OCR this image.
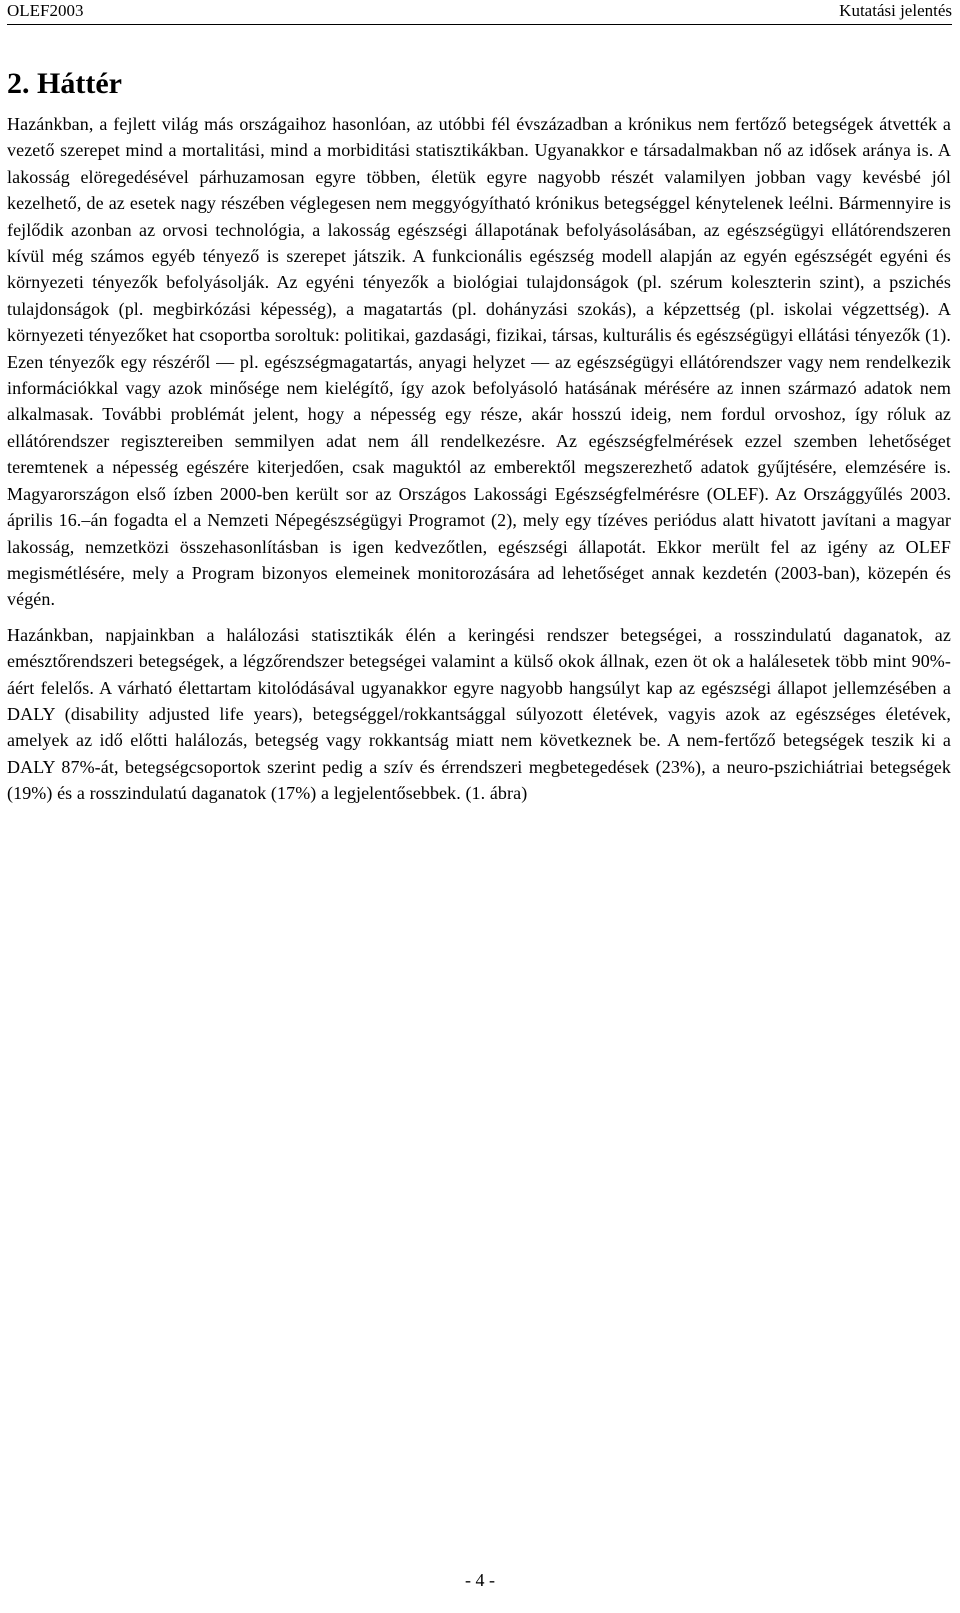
OLEF2003	Kutatási jelentés
2. Háttér

Hazánkban, a fejlett világ más országaihoz hasonlóan, az utóbbi fél évszázadban a krónikus nem fertőző betegségek átvették a vezető szerepet mind a mortalitási, mind a morbiditási statisztikákban. Ugyanakkor e társadalmakban nő az idősek aránya is. A lakosság elöregedésével párhuzamosan egyre többen, életük egyre nagyobb részét valamilyen jobban vagy kevésbé jól kezelhető, de az esetek nagy részében véglegesen nem meggyógyítható krónikus betegséggel kénytelenek leélni. Bármennyire is fejlődik azonban az orvosi technológia, a lakosság egészségi állapotának befolyásolásában, az egészségügyi ellátórendszeren kívül még számos egyéb tényező is szerepet játszik. A funkcionális egészség modell alapján az egyén egészségét egyéni és környezeti tényezők befolyásolják. Az egyéni tényezők a biológiai tulajdonságok (pl. szérum koleszterin szint), a pszichés tulajdonságok (pl. megbirkózási képesség), a magatartás (pl. dohányzási szokás), a képzettség (pl. iskolai végzettség). A környezeti tényezőket hat csoportba soroltuk: politikai, gazdasági, fizikai, társas, kulturális és egészségügyi ellátási tényezők (1). Ezen tényezők egy részéről — pl. egészségmagatartás, anyagi helyzet — az egészségügyi ellátórendszer vagy nem rendelkezik információkkal vagy azok minősége nem kielégítő, így azok befolyásoló hatásának mérésére az innen származó adatok nem alkalmasak. További problémát jelent, hogy a népesség egy része, akár hosszú ideig, nem fordul orvoshoz, így róluk az ellátórendszer regisztereiben semmilyen adat nem áll rendelkezésre. Az egészségfelmérések ezzel szemben lehetőséget teremtenek a népesség egészére kiterjedően, csak maguktól az emberektől megszerezhető adatok gyűjtésére, elemzésére is. Magyarországon első ízben 2000-ben került sor az Országos Lakossági Egészségfelmérésre (OLEF). Az Országgyűlés 2003. április 16.–án fogadta el a Nemzeti Népegészségügyi Programot (2), mely egy tízéves periódus alatt hivatott javítani a magyar lakosság, nemzetközi összehasonlításban is igen kedvezőtlen, egészségi állapotát. Ekkor merült fel az igény az OLEF megismétlésére, mely a Program bizonyos elemeinek monitorozására ad lehetőséget annak kezdetén (2003-ban), közepén és végén.

Hazánkban, napjainkban a halálozási statisztikák élén a keringési rendszer betegségei, a rosszindulatú daganatok, az emésztőrendszeri betegségek, a légzőrendszer betegségei valamint a külső okok állnak, ezen öt ok a halálesetek több mint 90%-áért felelős. A várható élettartam kitolódásával ugyanakkor egyre nagyobb hangsúlyt kap az egészségi állapot jellemzésében a DALY (disability adjusted life years), betegséggel/rokkantsággal súlyozott életévek, vagyis azok az egészséges életévek, amelyek az idő előtti halálozás, betegség vagy rokkantság miatt nem következnek be. A nem-fertőző betegségek teszik ki a DALY 87%-át, betegségcsoportok szerint pedig a szív és érrendszeri megbetegedések (23%), a neuro-pszichiátriai betegségek (19%) és a rosszindulatú daganatok (17%) a legjelentősebbek. (1. ábra)

- 4 -
